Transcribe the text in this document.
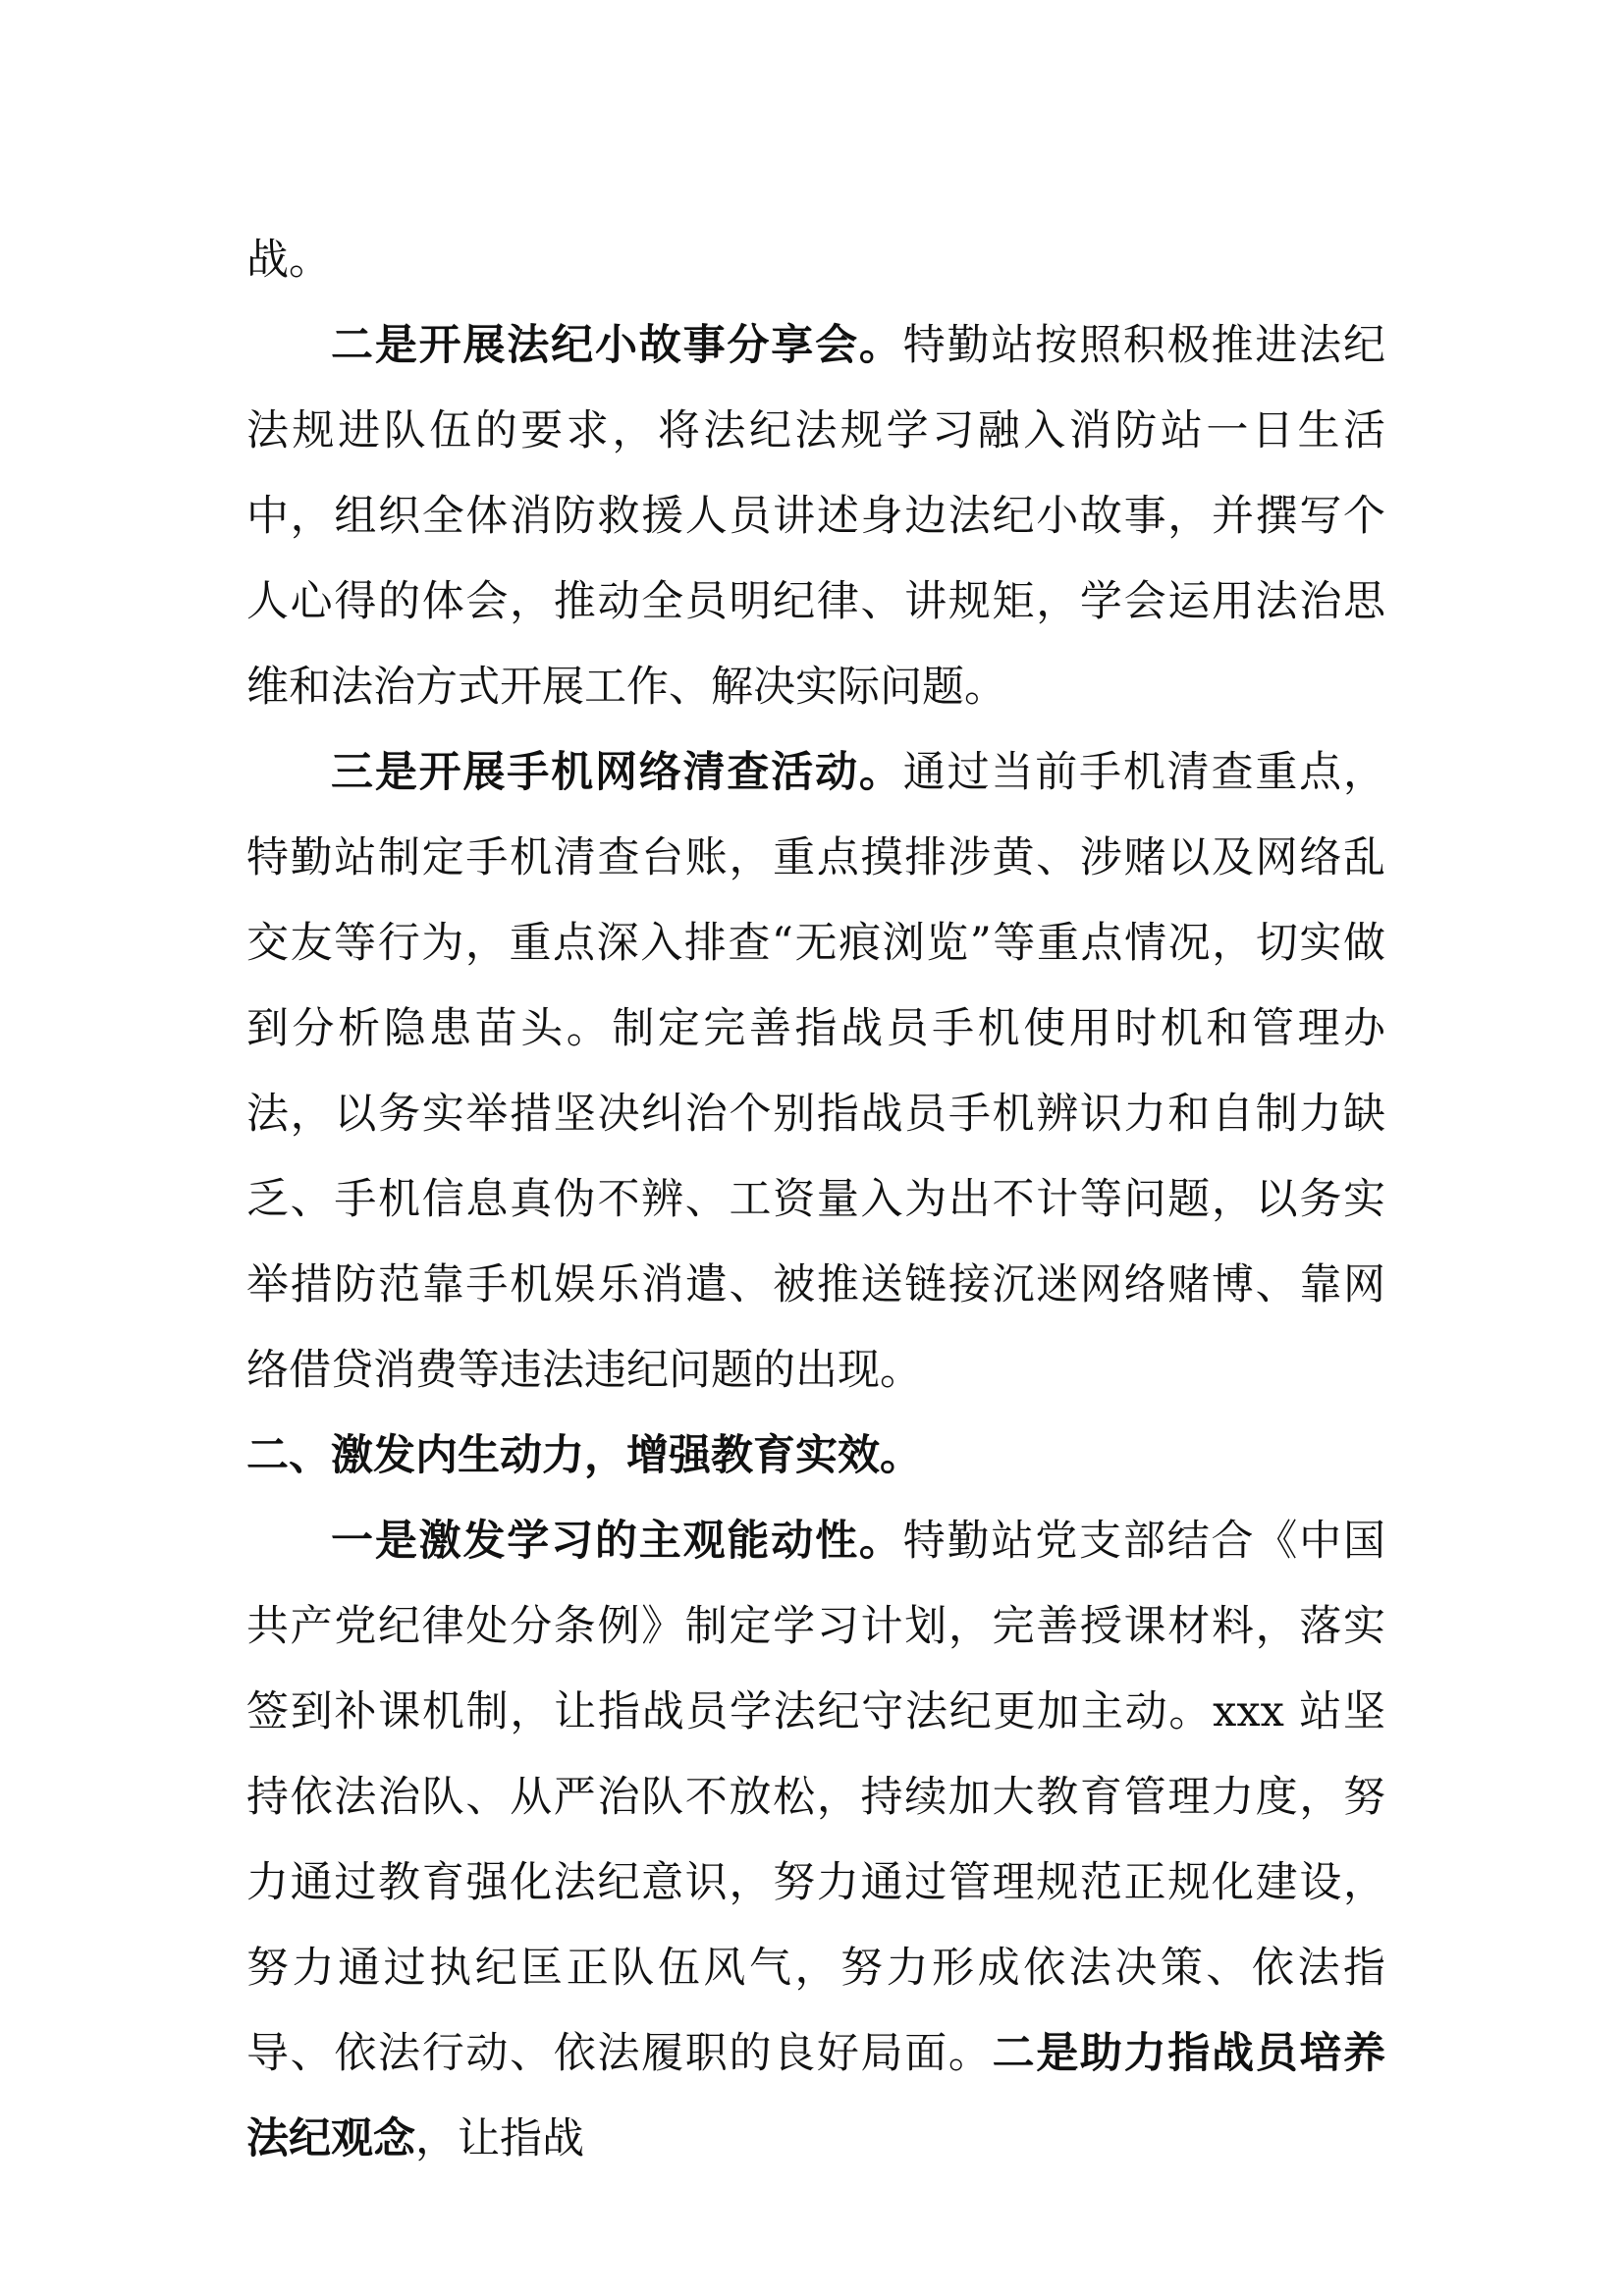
战。

二是开展法纪小故事分享会。特勤站按照积极推进法纪法规进队伍的要求，将法纪法规学习融入消防站一日生活中，组织全体消防救援人员讲述身边法纪小故事，并撰写个人心得的体会，推动全员明纪律、讲规矩，学会运用法治思维和法治方式开展工作、解决实际问题。

三是开展手机网络清查活动。通过当前手机清查重点，特勤站制定手机清查台账，重点摸排涉黄、涉赌以及网络乱交友等行为，重点深入排查“无痕浏览”等重点情况，切实做到分析隐患苗头。制定完善指战员手机使用时机和管理办法，以务实举措坚决纠治个别指战员手机辨识力和自制力缺乏、手机信息真伪不辨、工资量入为出不计等问题，以务实举措防范靠手机娱乐消遣、被推送链接沉迷网络赌博、靠网络借贷消费等违法违纪问题的出现。

二、激发内生动力，增强教育实效。

一是激发学习的主观能动性。特勤站党支部结合《中国共产党纪律处分条例》制定学习计划，完善授课材料，落实签到补课机制，让指战员学法纪守法纪更加主动。xxx 站坚持依法治队、从严治队不放松，持续加大教育管理力度，努力通过教育强化法纪意识，努力通过管理规范正规化建设，努力通过执纪匡正队伍风气，努力形成依法决策、依法指导、依法行动、依法履职的良好局面。二是助力指战员培养法纪观念，让指战
